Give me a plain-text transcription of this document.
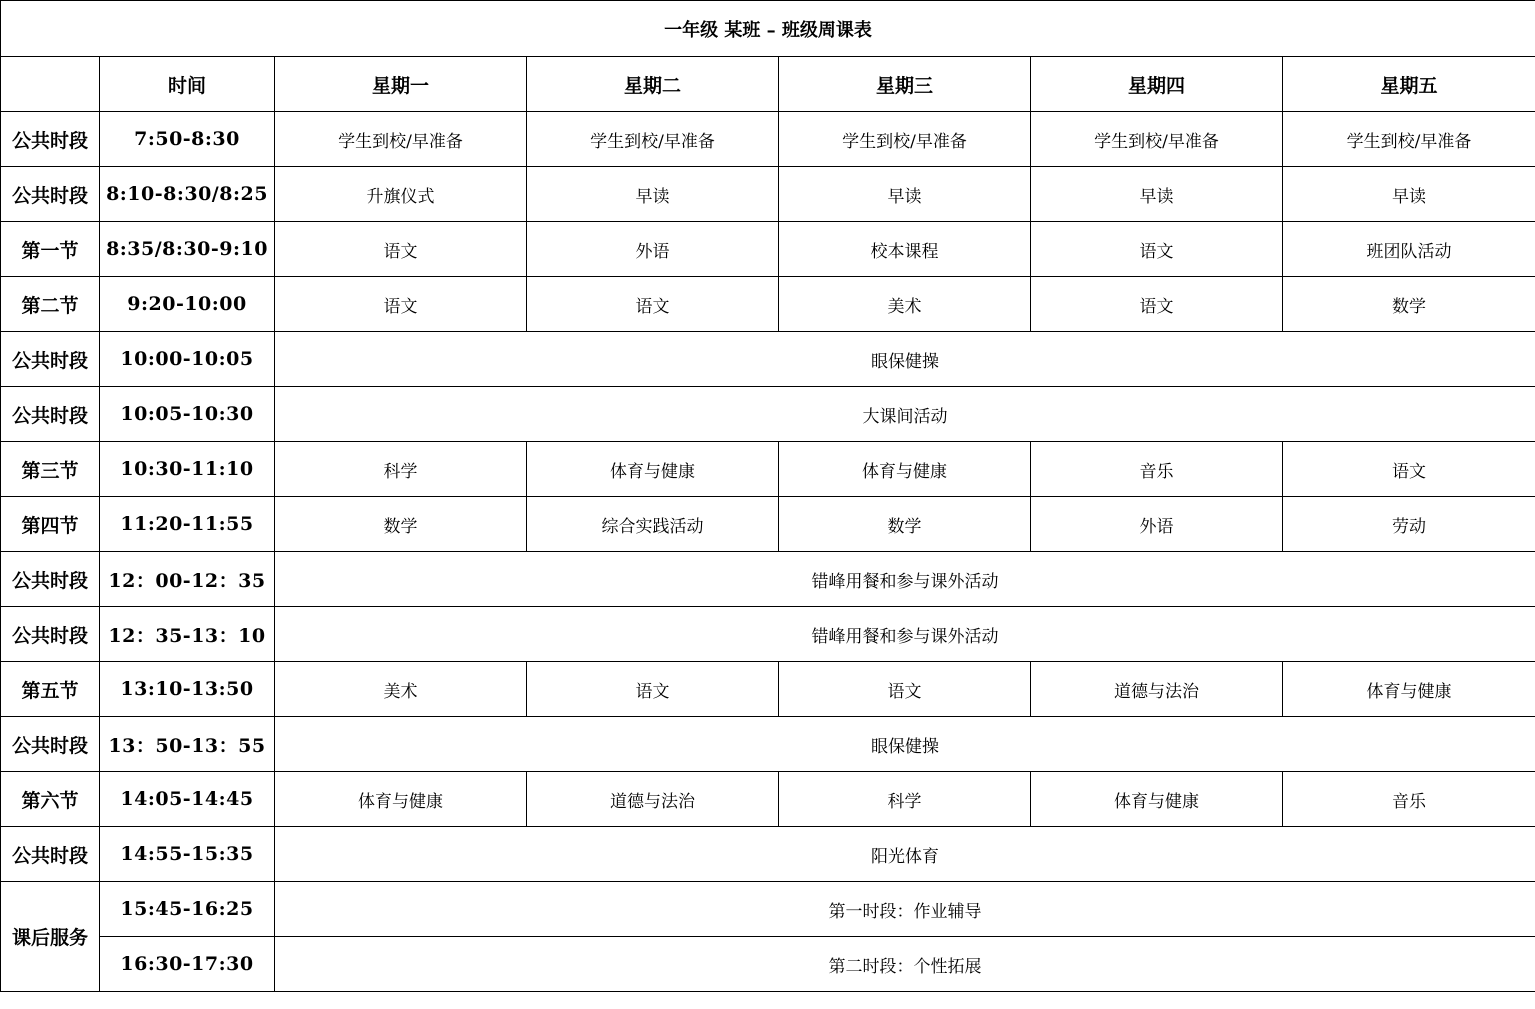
一年级 某班 – 班级周课表						
	时间	星期一	星期二	星期三	星期四	星期五
公共时段	7:50-8:30	学生到校/早准备	学生到校/早准备	学生到校/早准备	学生到校/早准备	学生到校/早准备
公共时段	8:10-8:30/8:25	升旗仪式	早读	早读	早读	早读
第一节	8:35/8:30-9:10	语文	外语	校本课程	语文	班团队活动
第二节	9:20-10:00	语文	语文	美术	语文	数学
公共时段	10:00-10:05	眼保健操				
公共时段	10:05-10:30	大课间活动				
第三节	10:30-11:10	科学	体育与健康	体育与健康	音乐	语文
第四节	11:20-11:55	数学	综合实践活动	数学	外语	劳动
公共时段	12：00-12：35	错峰用餐和参与课外活动				
公共时段	12：35-13：10	错峰用餐和参与课外活动				
第五节	13:10-13:50	美术	语文	语文	道德与法治	体育与健康
公共时段	13：50-13：55	眼保健操				
第六节	14:05-14:45	体育与健康	道德与法治	科学	体育与健康	音乐
公共时段	14:55-15:35	阳光体育				
课后服务	15:45-16:25	第一时段：作业辅导				
	16:30-17:30	第二时段：个性拓展				
